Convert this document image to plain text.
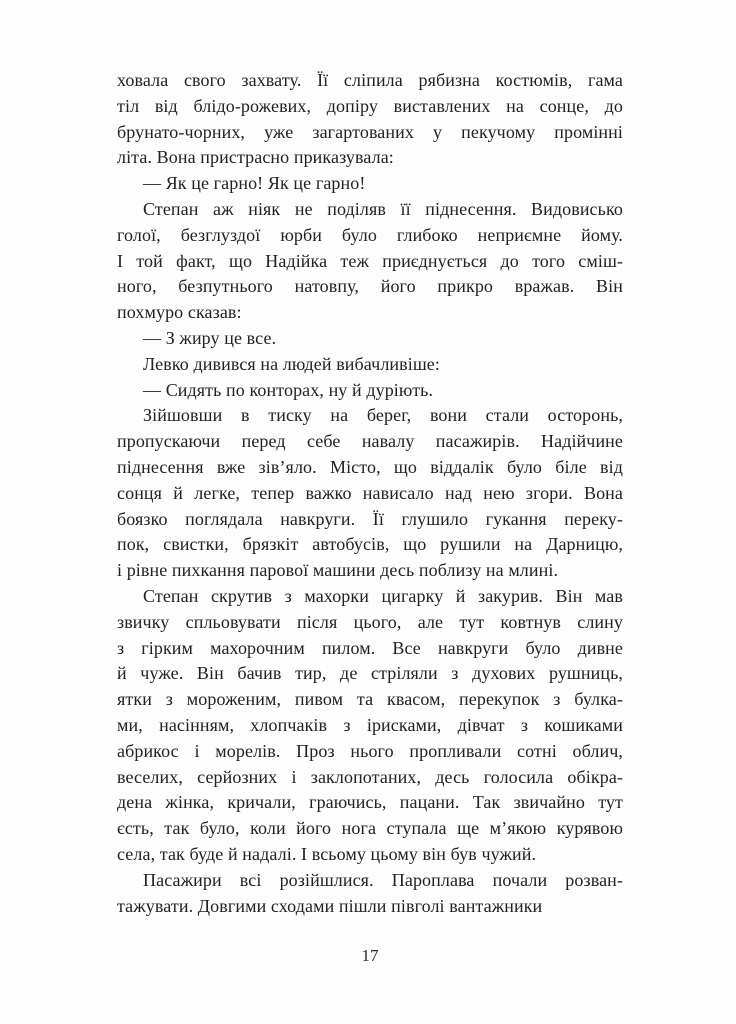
ховала свого захвату. Її сліпила рябизна костюмів, гама
тіл від блідо-рожевих, допіру виставлених на сонце, до
брунато-чорних, уже загартованих у пекучому промінні
літа. Вона пристрасно приказувала:
— Як це гарно! Як це гарно!
Степан аж ніяк не поділяв її піднесення. Видовисько
голої, безглуздої юрби було глибоко неприємне йому.
І той факт, що Надійка теж приєднується до того сміш-
ного, безпутнього натовпу, його прикро вражав. Він
похмуро сказав:
— З жиру це все.
Левко дивився на людей вибачливіше:
— Сидять по конторах, ну й дуріють.
Зійшовши в тиску на берег, вони стали осторонь,
пропускаючи перед себе навалу пасажирів. Надійчине
піднесення вже зів’яло. Місто, що віддалік було біле від
сонця й легке, тепер важко нависало над нею згори. Вона
боязко поглядала навкруги. Її глушило гукання переку-
пок, свистки, брязкіт автобусів, що рушили на Дарницю,
і рівне пихкання парової машини десь поблизу на млині.
Степан скрутив з махорки цигарку й закурив. Він мав
звичку спльовувати після цього, але тут ковтнув слину
з гірким махорочним пилом. Все навкруги було дивне
й чуже. Він бачив тир, де стріляли з духових рушниць,
ятки з мороженим, пивом та квасом, перекупок з булка-
ми, насінням, хлопчаків з ірисками, дівчат з кошиками
абрикос і морелів. Проз нього пропливали сотні облич,
веселих, серйозних і заклопотаних, десь голосила обікра-
дена жінка, кричали, граючись, пацани. Так звичайно тут
єсть, так було, коли його нога ступала ще м’якою курявою
села, так буде й надалі. І всьому цьому він був чужий.
Пасажири всі розійшлися. Пароплава почали розван-
тажувати. Довгими сходами пішли півголі вантажники
17
